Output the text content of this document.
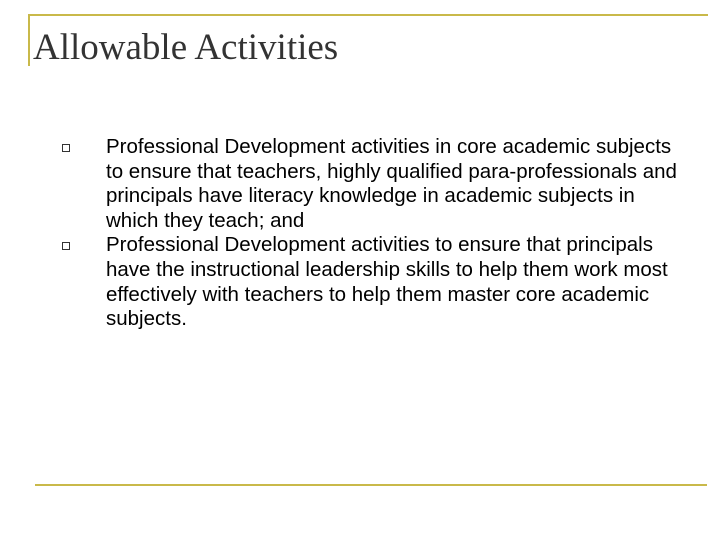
Allowable Activities
Professional Development activities in core academic subjects to ensure that teachers, highly qualified para-professionals and principals have literacy knowledge in academic subjects in which they teach; and
Professional Development activities to ensure that principals have the instructional leadership skills to help them work most effectively with teachers to help them master core academic subjects.
